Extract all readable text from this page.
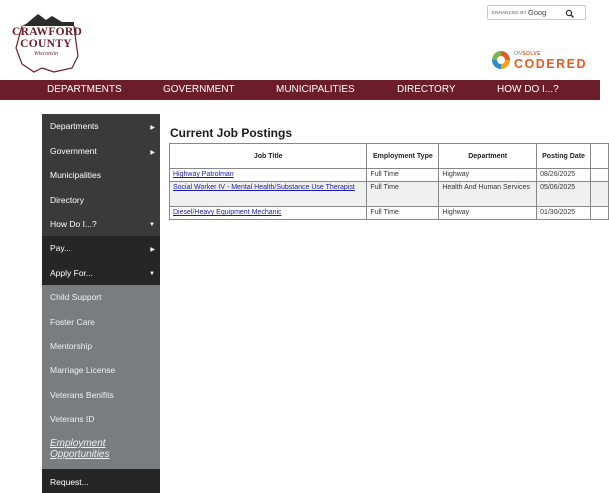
CRAWFORD
COUNTY
Wisconsin
ENHANCED BY Goog
ONSOLVE
CODERED
DEPARTMENTS	GOVERNMENT	MUNICIPALITIES	DIRECTORY	HOW DO I...?
Departments	▶
Government	▶
Municipalities
Directory
How Do I...?	▼
Pay...	▶
Apply For...	▼
Child Support
Foster Care
Mentorship
Marriage License
Veterans Benifits
Veterans ID
Employment Opportunities
Request...
Current Job Postings
Job Title	Employment Type	Department	Posting Date	
Highway Patrolman	Full Time	Highway	08/26/2025	
Social Worker IV - Mental Health/Substance Use Therapist	Full Time	Health And Human Services	05/06/2025	
Diesel/Heavy Equipment Mechanic	Full Time	Highway	01/30/2025	
